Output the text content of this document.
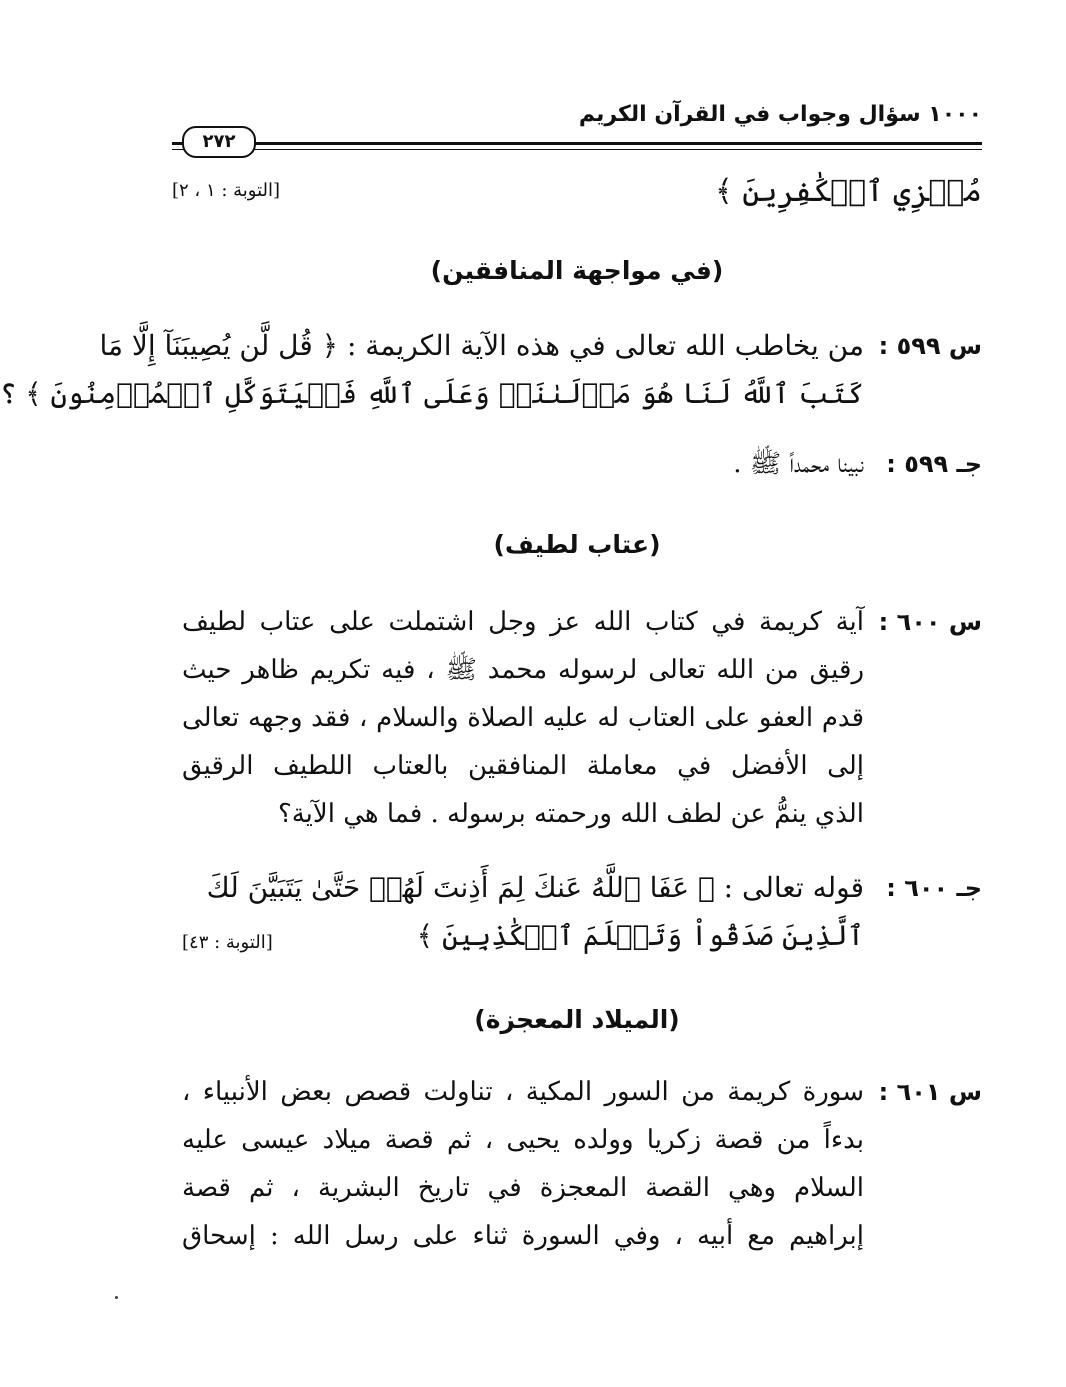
١٠٠٠ سؤال وجواب في القرآن الكريم
٢٧٢
مُخۡزِي ٱلۡكَٰفِرِينَ ﴾
[التوبة : ١ ، ٢]
(في مواجهة المنافقين)
س ٥٩٩ :
من يخاطب الله تعالى في هذه الآية الكريمة : ﴿ قُل لَّن يُصِيبَنَآ إِلَّا مَا
كَتَبَ ٱللَّهُ لَنَا هُوَ مَوۡلَىٰنَاۚ وَعَلَى ٱللَّهِ فَلۡيَتَوَكَّلِ ٱلۡمُؤۡمِنُونَ ﴾ ؟
جـ ٥٩٩ :
نبينا محمداً ﷺ .
(عتاب لطيف)
س ٦٠٠ :
آية كريمة في كتاب الله عز وجل اشتملت على عتاب لطيف
رقيق من الله تعالى لرسوله محمد ﷺ ، فيه تكريم ظاهر حيث
قدم العفو على العتاب له عليه الصلاة والسلام ، فقد وجهه تعالى
إلى الأفضل في معاملة المنافقين بالعتاب اللطيف الرقيق
الذي ينمُّ عن لطف الله ورحمته برسوله . فما هي الآية؟
جـ ٦٠٠ :
قوله تعالى : ﴿ عَفَا ٱللَّهُ عَنكَ لِمَ أَذِنتَ لَهُمۡ حَتَّىٰ يَتَبَيَّنَ لَكَ
ٱلَّذِينَ صَدَقُواْ وَتَعۡلَمَ ٱلۡكَٰذِبِينَ ﴾
[التوبة : ٤٣]
(الميلاد المعجزة)
س ٦٠١ :
سورة كريمة من السور المكية ، تناولت قصص بعض الأنبياء ،
بدءاً من قصة زكريا وولده يحيى ، ثم قصة ميلاد عيسى عليه
السلام وهي القصة المعجزة في تاريخ البشرية ، ثم قصة
إبراهيم مع أبيه ، وفي السورة ثناء على رسل الله : إسحاق
